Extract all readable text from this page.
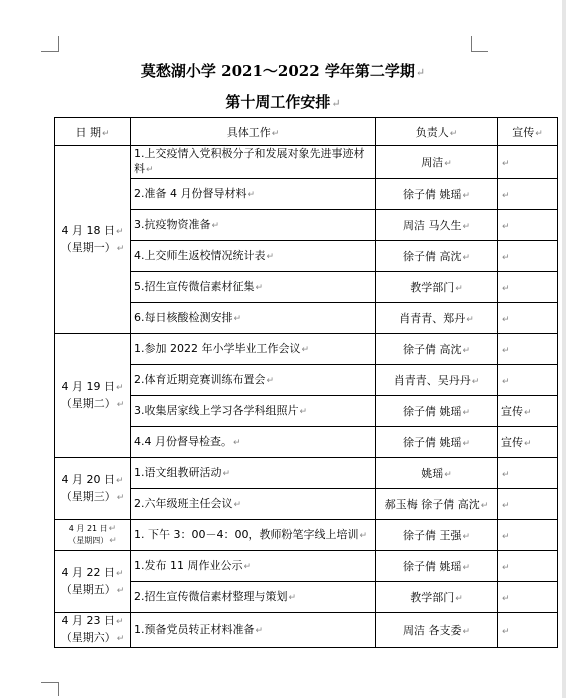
莫愁湖小学 2021～2022 学年第二学期↵
第十周工作安排↵
日 期↵	具体工作↵	负责人↵	宣传↵
4 月 18 日↵
（星期一）↵	1.上交疫情入党积极分子和发展对象先进事迹材料↵	周洁↵	↵
	2.准备 4 月份督导材料↵	徐子倩 姚瑶↵	↵
	3.抗疫物资准备↵	周洁 马久生↵	↵
	4.上交师生返校情况统计表↵	徐子倩 高沈↵	↵
	5.招生宣传微信素材征集↵	教学部门↵	↵
	6.每日核酸检测安排↵	肖青青、郑丹↵	↵
4 月 19 日↵
（星期二）↵	1.参加 2022 年小学毕业工作会议↵	徐子倩 高沈↵	↵
	2.体育近期竞赛训练布置会↵	肖青青、吴丹丹↵	↵
	3.收集居家线上学习各学科组照片↵	徐子倩 姚瑶↵	宣传↵
	4.4 月份督导检查。↵	徐子倩 姚瑶↵	宣传↵
4 月 20 日↵
（星期三）↵	1.语文组教研活动↵	姚瑶↵	↵
	2.六年级班主任会议↵	郝玉梅 徐子倩 高沈↵	↵
4 月 21 日↵
（星期四）↵	1. 下午 3：00－4：00，教师粉笔字线上培训↵	徐子倩 王强↵	↵
4 月 22 日↵
（星期五）↵	1.发布 11 周作业公示↵	徐子倩 姚瑶↵	↵
	2.招生宣传微信素材整理与策划↵	教学部门↵	↵
4 月 23 日↵
（星期六）↵	1.预备党员转正材料准备↵	周洁 各支委↵	↵
